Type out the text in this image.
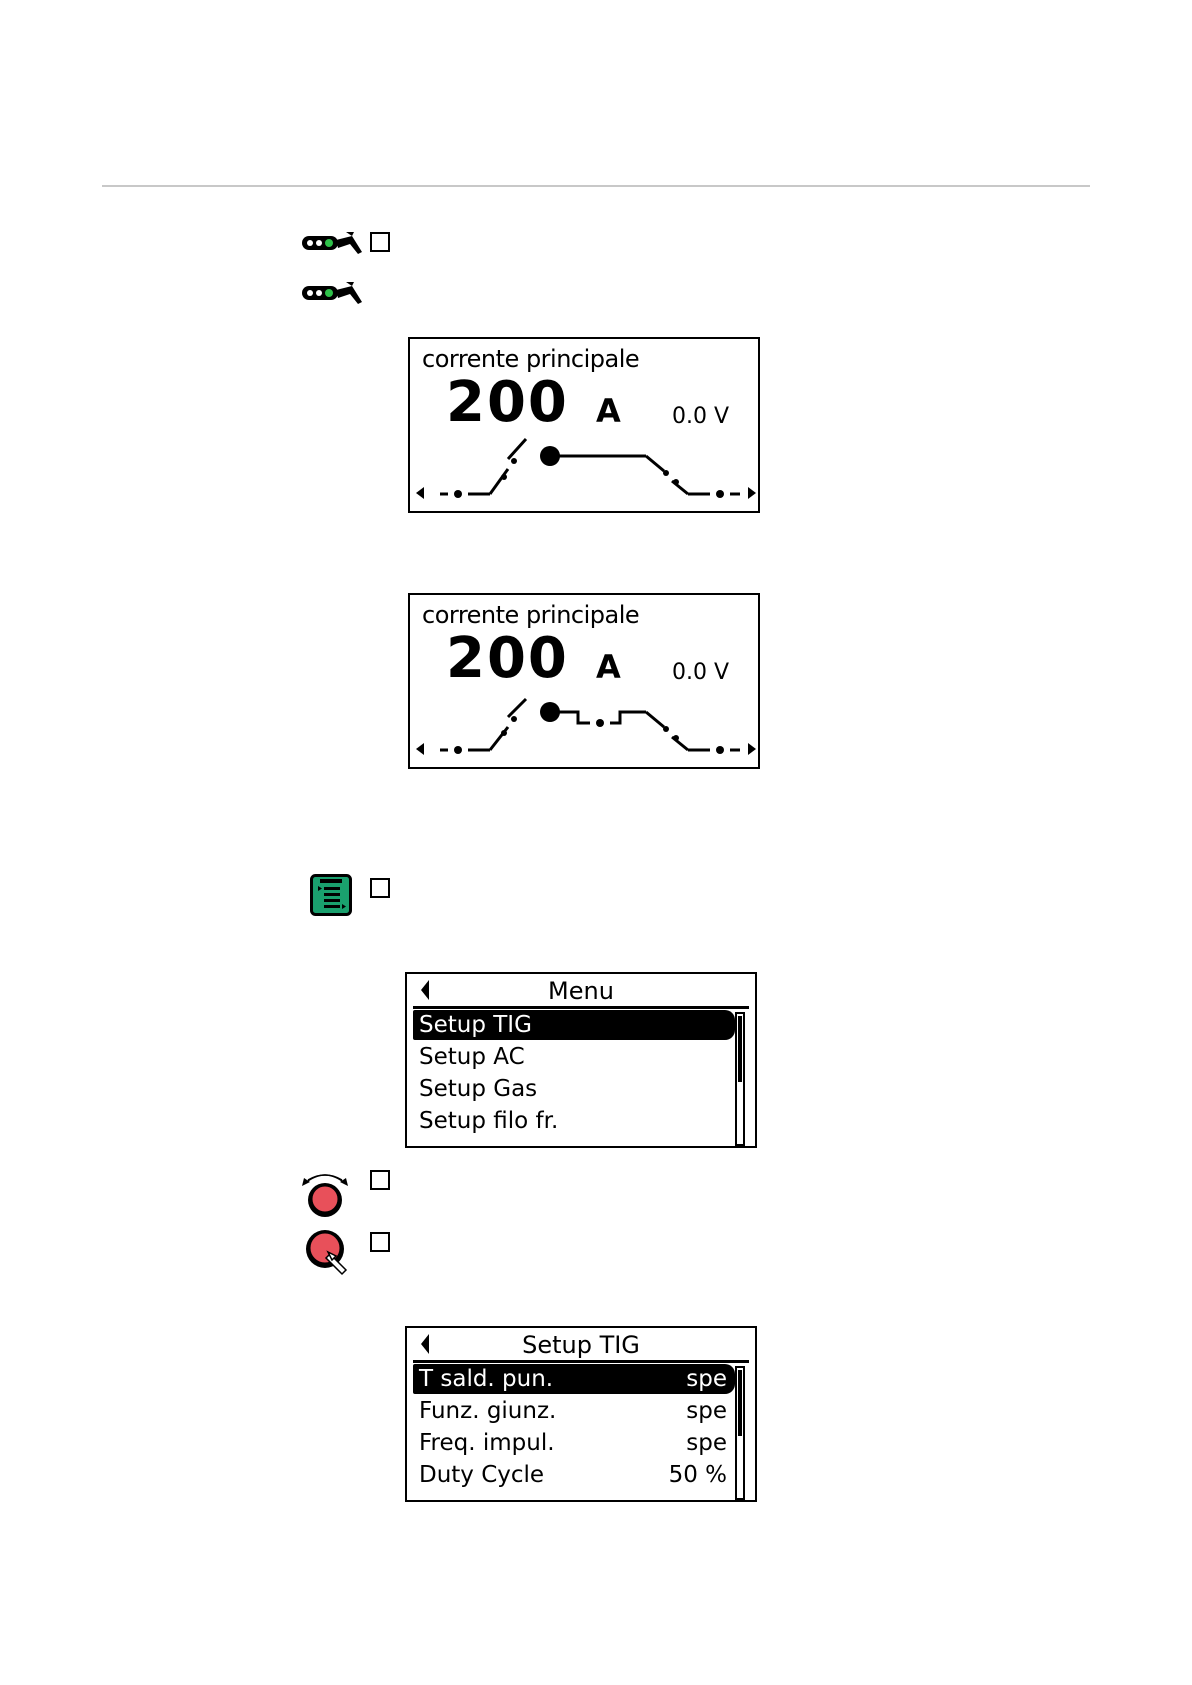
corrente principale
200 A 0.0 V
corrente principale
200 A 0.0 V
Menu
Setup TIG
Setup AC
Setup Gas
Setup filo fr.
Setup TIG
T sald. pun.	spe
Funz. giunz.	spe
Freq. impul.	spe
Duty Cycle	50 %
